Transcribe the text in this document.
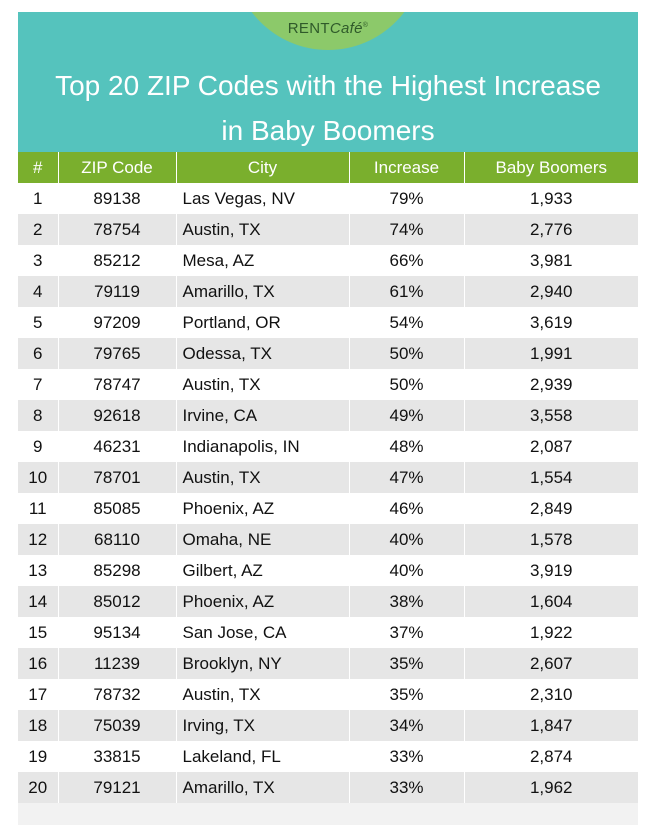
RENTCafé®
Top 20 ZIP Codes with the Highest Increase
in Baby Boomers
#	ZIP Code	City	Increase	Baby Boomers
1	89138	Las Vegas, NV	79%	1,933
2	78754	Austin, TX	74%	2,776
3	85212	Mesa, AZ	66%	3,981
4	79119	Amarillo, TX	61%	2,940
5	97209	Portland, OR	54%	3,619
6	79765	Odessa, TX	50%	1,991
7	78747	Austin, TX	50%	2,939
8	92618	Irvine, CA	49%	3,558
9	46231	Indianapolis, IN	48%	2,087
10	78701	Austin, TX	47%	1,554
11	85085	Phoenix, AZ	46%	2,849
12	68110	Omaha, NE	40%	1,578
13	85298	Gilbert, AZ	40%	3,919
14	85012	Phoenix, AZ	38%	1,604
15	95134	San Jose, CA	37%	1,922
16	11239	Brooklyn, NY	35%	2,607
17	78732	Austin, TX	35%	2,310
18	75039	Irving, TX	34%	1,847
19	33815	Lakeland, FL	33%	2,874
20	79121	Amarillo, TX	33%	1,962
